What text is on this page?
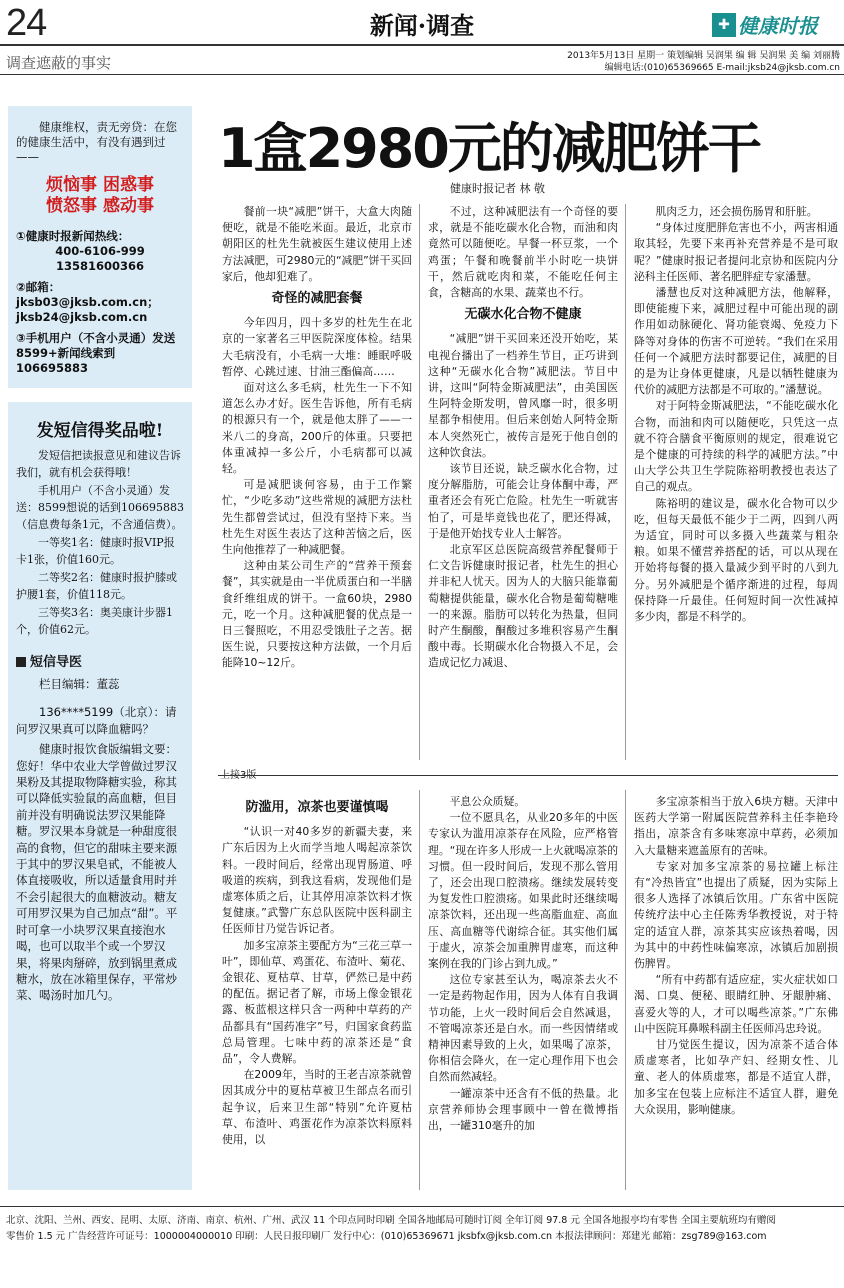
24	新闻·调查	✚ 健康时报
调查遮蔽的事实	2013年5月13日 星期一 策划编辑 吴润果 编 辑 吴润果 美 编 刘丽腾
编辑电话:(010)65369665 E-mail:jksb24@jksb.com.cn
健康维权，责无旁贷：在您的健康生活中，有没有遇到过——
烦恼事 困惑事
愤怒事 感动事
①健康时报新闻热线：
400-6106-999
13581600366
②邮箱：jksb03@jksb.com.cn；jksb24@jksb.com.cn
③手机用户（不含小灵通）发送8599+新闻线索到106695883
发短信得奖品啦!

发短信把读报意见和建议告诉我们，就有机会获得哦！

手机用户（不含小灵通）发送：8599想说的话到106695883（信息费每条1元，不含通信费）。

一等奖1名：健康时报VIP报卡1张，价值160元。

二等奖2名：健康时报护膝或护腰1套，价值118元。

三等奖3名：奥美康计步器1个，价值62元。

短信导医

栏目编辑：董蕊

136****5199（北京）：请问罗汉果真可以降血糖吗？

健康时报饮食版编辑文要：您好！华中农业大学曾做过罗汉果粉及其提取物降糖实验，称其可以降低实验鼠的高血糖，但目前并没有明确说法罗汉果能降糖。罗汉果本身就是一种甜度很高的食物，但它的甜味主要来源于其中的罗汉果皂甙，不能被人体直接吸收，所以适量食用时并不会引起很大的血糖波动。糖友可用罗汉果为自己加点“甜”。平时可拿一小块罗汉果直接泡水喝，也可以取半个或一个罗汉果，将果肉掰碎，放到锅里煮成糖水，放在冰箱里保存，平常炒菜、喝汤时加几勺。

1盒2980元的减肥饼干
健康时报记者 林 敬

餐前一块“减肥”饼干，大盒大肉随便吃，就是不能吃米面。最近，北京市朝阳区的杜先生就被医生建议使用上述方法减肥，可2980元的“减肥”饼干买回家后，他却犯难了。

奇怪的减肥套餐

今年四月，四十多岁的杜先生在北京的一家著名三甲医院深度体检。结果大毛病没有，小毛病一大堆：睡眠呼吸暂停、心跳过速、甘油三酯偏高……

面对这么多毛病，杜先生一下不知道怎么办才好。医生告诉他，所有毛病的根源只有一个，就是他太胖了——一米八二的身高，200斤的体重。只要把体重减掉一多公斤，小毛病都可以减轻。

可是减肥谈何容易，由于工作繁忙，“少吃多动”这些常规的减肥方法杜先生都曾尝试过，但没有坚持下来。当杜先生对医生表达了这种苦恼之后，医生向他推荐了一种减肥餐。

这种由某公司生产的“营养干预套餐”，其实就是由一半优质蛋白和一半膳食纤维组成的饼干。一盒60块，2980元，吃一个月。这种减肥餐的优点是一日三餐照吃，不用忍受饿肚子之苦。据医生说，只要按这种方法做，一个月后能降10~12斤。

不过，这种减肥法有一个奇怪的要求，就是不能吃碳水化合物，而油和肉竟然可以随便吃。早餐一杯豆浆，一个鸡蛋；午餐和晚餐前半小时吃一块饼干，然后就吃肉和菜，不能吃任何主食，含糖高的水果、蔬菜也不行。

无碳水化合物不健康

“减肥”饼干买回来还没开始吃，某电视台播出了一档养生节目，正巧讲到这种“无碳水化合物”减肥法。节目中讲，这叫“阿特金斯减肥法”，由美国医生阿特金斯发明，曾风靡一时，很多明星都争相使用。但后来创始人阿特金斯本人突然死亡，被传言是死于他自创的这种饮食法。

该节目还说，缺乏碳水化合物，过度分解脂肪，可能会让身体酮中毒，严重者还会有死亡危险。杜先生一听就害怕了，可是毕竟钱也花了，肥还得减，于是他开始找专业人士解答。

北京军区总医院高级营养配餐师于仁文告诉健康时报记者，杜先生的担心并非杞人忧天。因为人的大脑只能靠葡萄糖提供能量，碳水化合物是葡萄糖唯一的来源。脂肪可以转化为热量，但同时产生酮酸，酮酸过多堆积容易产生酮酸中毒。长期碳水化合物摄入不足，会造成记忆力减退、

肌肉乏力，还会损伤肠胃和肝脏。

“身体过度肥胖危害也不小，两害相通取其轻，先要下来再补充营养是不是可取呢？”健康时报记者提问北京协和医院内分泌科主任医师、著名肥胖症专家潘慧。

潘慧也反对这种减肥方法，他解释，即使能瘦下来，减肥过程中可能出现的副作用如动脉硬化、肾功能衰竭、免疫力下降等对身体的伤害不可逆转。“我们在采用任何一个减肥方法时都要记住，减肥的目的是为让身体更健康，凡是以牺牲健康为代价的减肥方法都是不可取的。”潘慧说。

对于阿特金斯减肥法，“不能吃碳水化合物，而油和肉可以随便吃，只凭这一点就不符合膳食平衡原则的规定，很难说它是个健康的可持续的科学的减肥方法。”中山大学公共卫生学院陈裕明教授也表达了自己的观点。

陈裕明的建议是，碳水化合物可以少吃，但每天最低不能少于二两，四到八两为适宜，同时可以多摄入些蔬菜与粗杂粮。如果不懂营养搭配的话，可以从现在开始将每餐的摄入量减少到平时的八到九分。另外减肥是个循序渐进的过程，每周保持降一斤最佳。任何短时间一次性减掉多少肉，都是不科学的。

防滥用，凉茶也要谨慎喝

“认识一对40多岁的新疆夫妻，来广东后因为上火而学当地人喝起凉茶饮料。一段时间后，经常出现胃肠道、呼吸道的疾病，到我这看病，发现他们是虚寒体质之后，让其停用凉茶饮料才恢复健康。”武警广东总队医院中医科副主任医师甘乃觉告诉记者。

加多宝凉茶主要配方为“三花三草一叶”，即仙草、鸡蛋花、布渣叶、菊花、金银花、夏枯草、甘草，俨然已是中药的配伍。据记者了解，市场上像金银花露、板蓝根这样只含一两种中草药的产品都具有“国药准字”号，归国家食药监总局管理。七味中药的凉茶还是“食品”，令人费解。

在2009年，当时的王老吉凉茶就曾因其成分中的夏枯草被卫生部点名而引起争议，后来卫生部“特别”允许夏枯草、布渣叶、鸡蛋花作为凉茶饮料原料使用，以

平息公众质疑。

一位不愿具名，从业20多年的中医专家认为滥用凉茶存在风险，应严格管理。“现在许多人形成一上火就喝凉茶的习惯。但一段时间后，发现不那么管用了，还会出现口腔溃疡。继续发展转变为复发性口腔溃疡。如果此时还继续喝凉茶饮料，还出现一些高脂血症、高血压、高血糖等代谢综合征。其实他们属于虚火，凉茶会加重脾胃虚寒，而这种案例在我的门诊占到九成。”

这位专家甚至认为，喝凉茶去火不一定是药物起作用，因为人体有自我调节功能，上火一段时间后会自然减退，不管喝凉茶还是白水。而一些因情绪或精神因素导致的上火，如果喝了凉茶，你相信会降火，在一定心理作用下也会自然而然减轻。

一罐凉茶中还含有不低的热量。北京营养师协会理事顾中一曾在微博指出，一罐310毫升的加

多宝凉茶相当于放入6块方糖。天津中医药大学第一附属医院营养科主任李艳玲指出，凉茶含有多味寒凉中草药，必须加入大量糖来遮盖原有的苦味。

专家对加多宝凉茶的易拉罐上标注有“冷热皆宜”也提出了质疑，因为实际上很多人选择了冰镇后饮用。广东省中医院传统疗法中心主任陈秀华教授说，对于特定的适宜人群，凉茶其实应该热着喝，因为其中的中药性味偏寒凉，冰镇后加剧损伤脾胃。

“所有中药都有适应症，实火症状如口渴、口臭、便秘、眼睛红肿、牙龈肿痛、喜爱火等的人，才可以喝些凉茶。”广东佛山中医院耳鼻喉科副主任医师冯忠玲说。

甘乃觉医生提议，因为凉茶不适合体质虚寒者，比如孕产妇、经期女性、儿童、老人的体质虚寒，都是不适宜人群，加多宝在包装上应标注不适宜人群，避免大众误用，影响健康。

北京、沈阳、兰州、西安、昆明、太原、济南、南京、杭州、广州、武汉 11 个印点同时印刷 全国各地邮局可随时订阅 全年订阅 97.8 元 全国各地报亭均有零售 全国主要航班均有赠阅
零售价 1.5 元 广告经营许可证号：1000004000010 印刷：人民日报印刷厂 发行中心：(010)65369671 jksbfx@jksb.com.cn 本报法律顾问：郑建光 邮箱：zsg789@163.com
